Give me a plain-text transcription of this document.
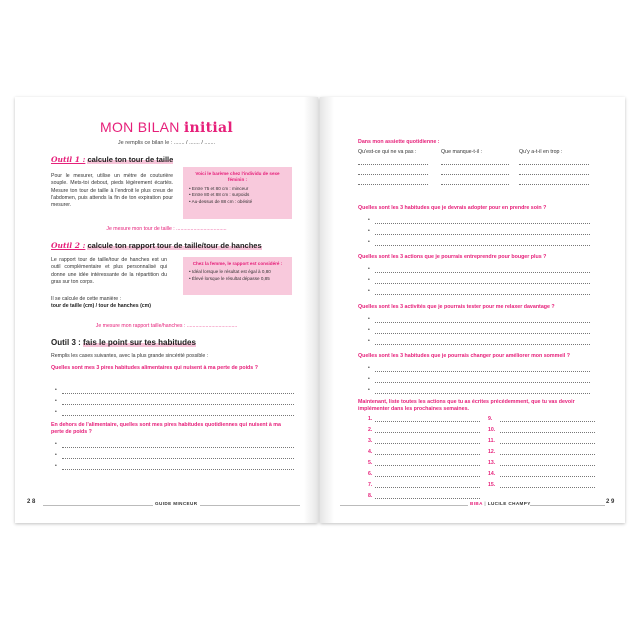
MON BILAN initial
Je remplis ce bilan le : ....... / ....... / .......
Outil 1 : calcule ton tour de taille
Pour le mesurer, utilise un mètre de couturière souple. Mets-toi debout, pieds légèrement écartés. Mesure ton tour de taille à l'endroit le plus creux de l'abdomen, puis attends la fin de ton expiration pour mesurer.
Voici le barème chez l'individu de sexe féminin :
• Entre 75 et 80 cm : minceur
• Entre 80 et 88 cm : surpoids
• Au-dessus de 88 cm : obésité
Je mesure mon tour de taille : ...................................
Outil 2 : calcule ton rapport tour de taille/tour de hanches
Le rapport tour de taille/tour de hanches est un outil complémentaire et plus personnalisé qui donne une idée intéressante de la répartition du gras sur ton corps.
Il se calcule de cette manière :
tour de taille (cm) / tour de hanches (cm)
Chez la femme, le rapport est considéré :
• Idéal lorsque le résultat est égal à 0,80
• Élevé lorsque le résultat dépasse 0,85
Je mesure mon rapport taille/hanches : ...................................
Outil 3 : fais le point sur tes habitudes
Remplis les cases suivantes, avec la plus grande sincérité possible :
Quelles sont mes 3 pires habitudes alimentaires qui nuisent à ma perte de poids ?
•
•
•
En dehors de l'alimentaire, quelles sont mes pires habitudes quotidiennes qui nuisent à ma perte de poids ?
•
•
•
2 8	GUIDE MINCEUR
Dans mon assiette quotidienne :
Qu'est-ce qui ne va pas :	Que manque-t-il :	Qu'y a-t-il en trop :
Quelles sont les 3 habitudes que je devrais adopter pour en prendre soin ?
•
•
•
Quelles sont les 3 actions que je pourrais entreprendre pour bouger plus ?
•
•
•
Quelles sont les 3 activités que je pourrais tester pour me relaxer davantage ?
•
•
•
Quelles sont les 3 habitudes que je pourrais changer pour améliorer mon sommeil ?
•
•
•
Maintenant, liste toutes les actions que tu as écrites précédemment, que tu vas devoir implémenter dans les prochaines semaines.
1.
2.
3.
4.
5.
6.
7.
8.
9.
10.
11.
12.
13.
14.
15.
BIBA | LUCILE CHAMPY	2 9
